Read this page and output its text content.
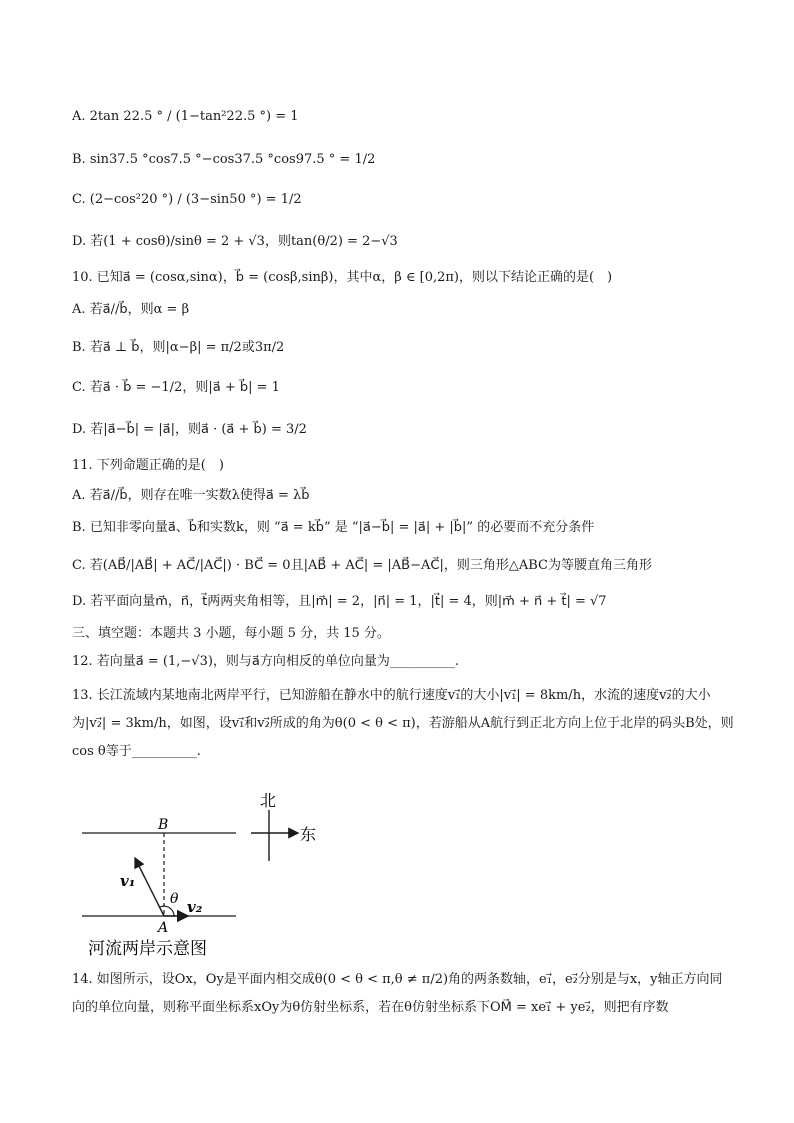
A. 2tan 22.5 ° / (1−tan²22.5 °) = 1
B. sin37.5 °cos7.5 °−cos37.5 °cos97.5 ° = 1/2
C. (2−cos²20 °) / (3−sin50 °) = 1/2
D. 若(1 + cosθ)/sinθ = 2 + √3，则tan(θ/2) = 2−√3
10. 已知a⃗ = (cosα,sinα)，b⃗ = (cosβ,sinβ)，其中α，β ∈ [0,2π)，则以下结论正确的是(　)
A. 若a⃗//b⃗，则α = β
B. 若a⃗ ⊥ b⃗，则|α−β| = π/2或3π/2
C. 若a⃗ · b⃗ = −1/2，则|a⃗ + b⃗| = 1
D. 若|a⃗−b⃗| = |a⃗|，则a⃗ · (a⃗ + b⃗) = 3/2
11. 下列命题正确的是(　)
A. 若a⃗//b⃗，则存在唯一实数λ使得a⃗ = λb⃗
B. 已知非零向量a⃗、b⃗和实数k，则 “a⃗ = kb⃗” 是 “|a⃗−b⃗| = |a⃗| + |b⃗|” 的必要而不充分条件
C. 若(AB⃗/|AB⃗| + AC⃗/|AC⃗|) · BC⃗ = 0且|AB⃗ + AC⃗| = |AB⃗−AC⃗|，则三角形△ABC为等腰直角三角形
D. 若平面向量m⃗，n⃗，t⃗两两夹角相等，且|m⃗| = 2，|n⃗| = 1，|t⃗| = 4，则|m⃗ + n⃗ + t⃗| = √7
三、填空题：本题共 3 小题，每小题 5 分，共 15 分。
12. 若向量a⃗ = (1,−√3)，则与a⃗方向相反的单位向量为__________.
13. 长江流域内某地南北两岸平行，已知游船在静水中的航行速度v₁⃗的大小|v₁⃗| = 8km/h，水流的速度v₂⃗的大小为|v₂⃗| = 3km/h，如图，设v₁⃗和v₂⃗所成的角为θ(0 < θ < π)，若游船从A航行到正北方向上位于北岸的码头B处，则cos θ等于__________.
北
东
B
A
v₁
v₂
θ
河流两岸示意图
14. 如图所示，设Ox，Oy是平面内相交成θ(0 < θ < π,θ ≠ π/2)角的两条数轴，e₁⃗，e₂⃗分别是与x，y轴正方向同向的单位向量，则称平面坐标系xOy为θ仿射坐标系，若在θ仿射坐标系下OM⃗ = xe₁⃗ + ye₂⃗，则把有序数
